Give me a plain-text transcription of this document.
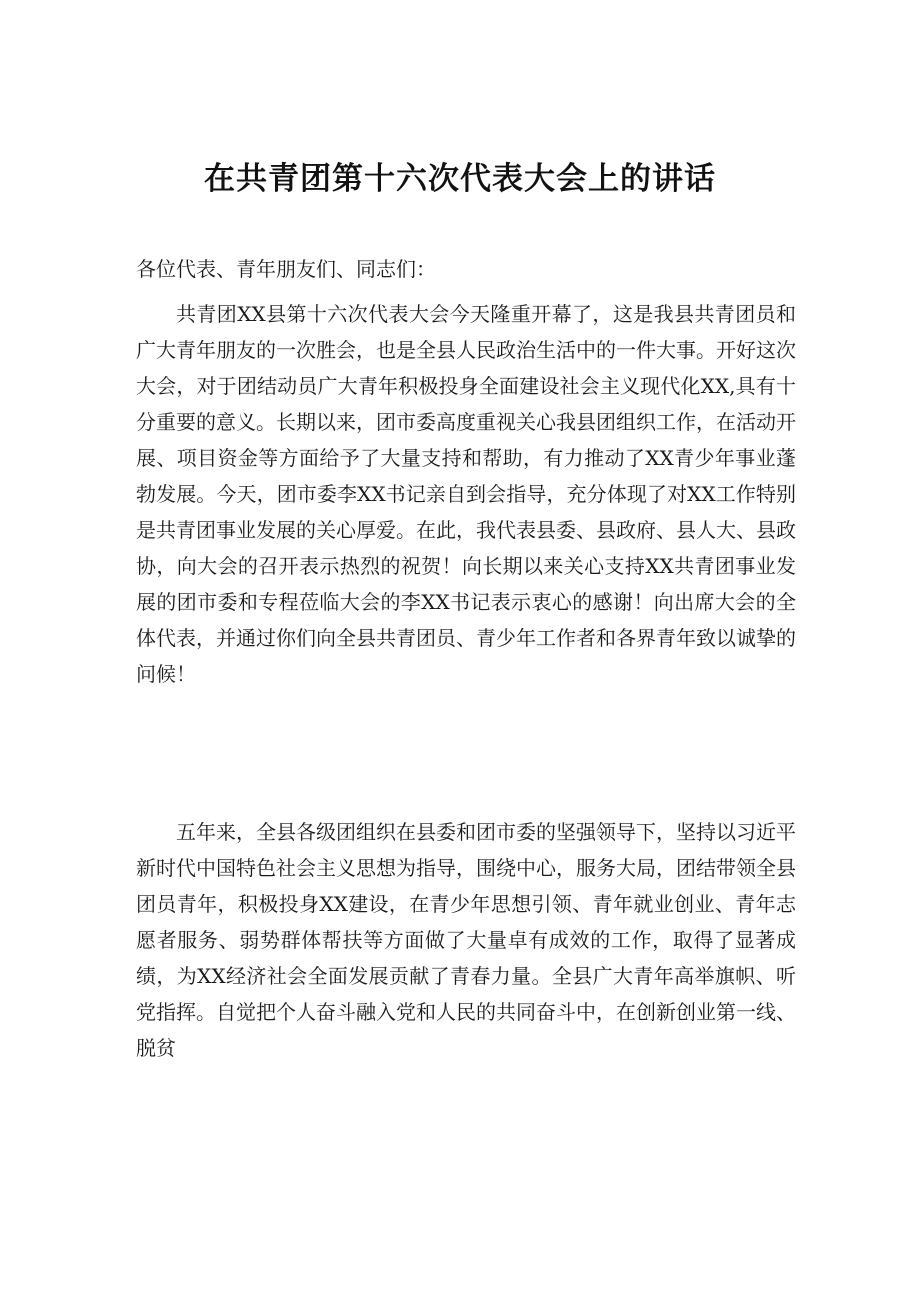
在共青团第十六次代表大会上的讲话

各位代表、青年朋友们、同志们：

共青团XX县第十六次代表大会今天隆重开幕了，这是我县共青团员和广大青年朋友的一次胜会，也是全县人民政治生活中的一件大事。开好这次大会，对于团结动员广大青年积极投身全面建设社会主义现代化XX,具有十分重要的意义。长期以来，团市委高度重视关心我县团组织工作，在活动开展、项目资金等方面给予了大量支持和帮助，有力推动了XX青少年事业蓬勃发展。今天，团市委李XX书记亲自到会指导，充分体现了对XX工作特别是共青团事业发展的关心厚爱。在此，我代表县委、县政府、县人大、县政协，向大会的召开表示热烈的祝贺！向长期以来关心支持XX共青团事业发展的团市委和专程莅临大会的李XX书记表示衷心的感谢！向出席大会的全体代表，并通过你们向全县共青团员、青少年工作者和各界青年致以诚挚的问候！

五年来，全县各级团组织在县委和团市委的坚强领导下，坚持以习近平新时代中国特色社会主义思想为指导，围绕中心，服务大局，团结带领全县团员青年，积极投身XX建设，在青少年思想引领、青年就业创业、青年志愿者服务、弱势群体帮扶等方面做了大量卓有成效的工作，取得了显著成绩，为XX经济社会全面发展贡献了青春力量。全县广大青年高举旗帜、听党指挥。自觉把个人奋斗融入党和人民的共同奋斗中，在创新创业第一线、脱贫
